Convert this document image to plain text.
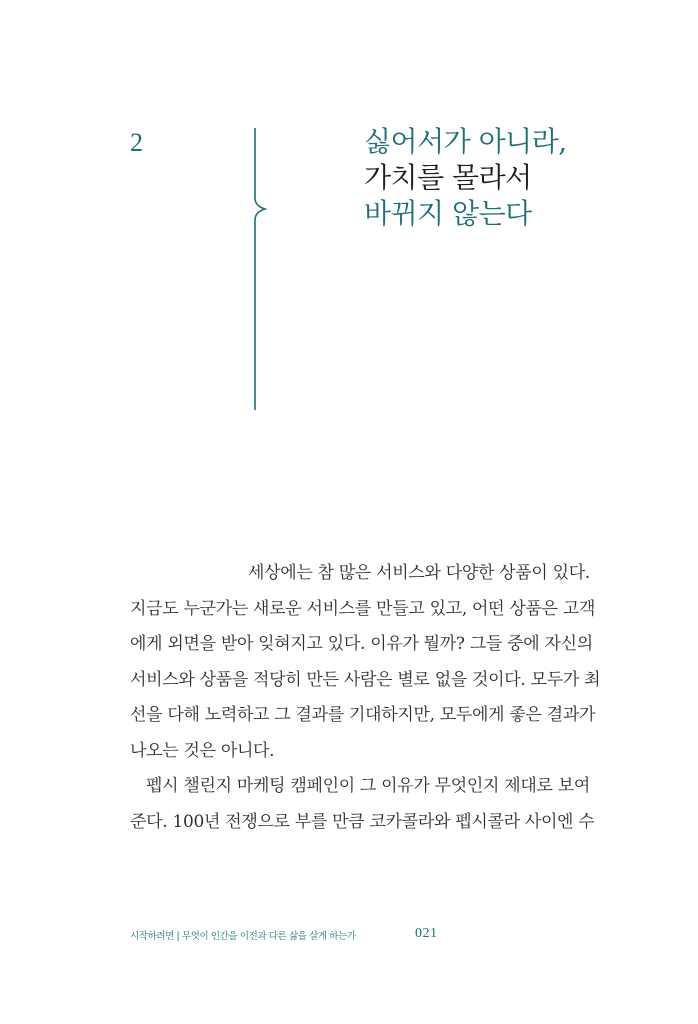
2	싫어서가 아니라,
가치를 몰라서
바뀌지 않는다
세상에는 참 많은 서비스와 다양한 상품이 있다.
지금도 누군가는 새로운 서비스를 만들고 있고, 어떤 상품은 고객
에게 외면을 받아 잊혀지고 있다. 이유가 뭘까? 그들 중에 자신의
서비스와 상품을 적당히 만든 사람은 별로 없을 것이다. 모두가 최
선을 다해 노력하고 그 결과를 기대하지만, 모두에게 좋은 결과가
나오는 것은 아니다.
펩시 챌린지 마케팅 캠페인이 그 이유가 무엇인지 제대로 보여
준다. 100년 전쟁으로 부를 만큼 코카콜라와 펩시콜라 사이엔 수
시작하려면 | 무엇이 인간을 이전과 다른 삶을 살게 하는가	021
